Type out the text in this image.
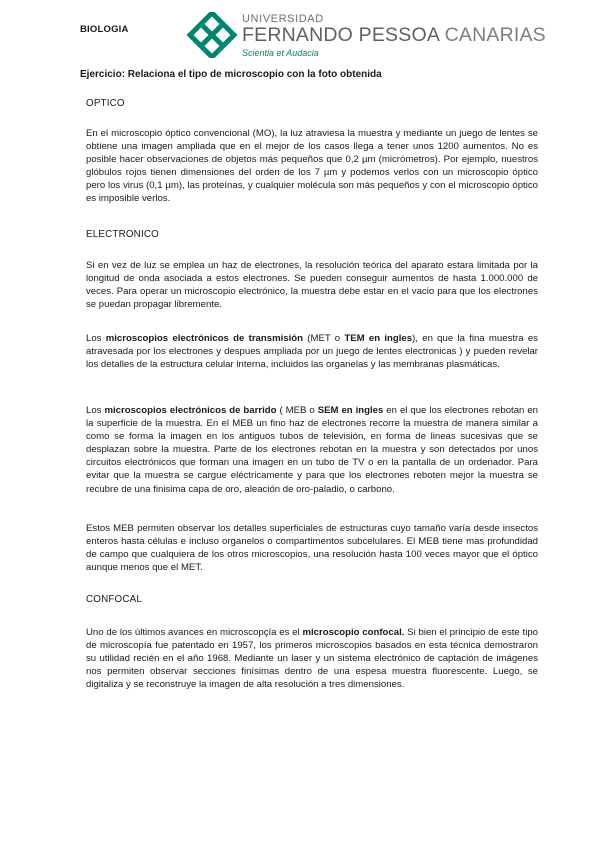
BIOLOGIA
UNIVERSIDAD
FERNANDO PESSOA CANARIAS
Scientia et Audacia
Ejercicio: Relaciona el tipo de microscopio con la foto obtenida
OPTICO

En el microscopio óptico convencional (MO), la luz atraviesa la muestra y mediante un juego de lentes se obtiene una imagen ampliada que en el mejor de los casos llega a tener unos 1200 aumentos. No es posible hacer observaciones de objetos más pequeños que 0,2 µm (micrómetros). Por ejemplo, nuestros glóbulos rojos tienen dimensiones del orden de los 7 µm y podemos verlos con un microscopio óptico pero los virus (0,1 µm), las proteínas, y cualquier molécula son más pequeños y con el microscopio óptico es imposible verlos.

ELECTRONICO

Si en vez de luz se emplea un haz de electrones, la resolución teórica del aparato estara limitada por la longitud de onda asociada a estos electrones. Se pueden conseguir aumentos de hasta 1.000.000 de veces. Para operar un microscopio electrónico, la muestra debe estar en el vacio para que los electrones se puedan propagar libremente.

Los microscopios electrónicos de transmisión (MET o TEM en ingles), en que la fina muestra es atravesada por los electrones y despues ampliada por un juego de lentes electronicas ) y pueden revelar los detalles de la estructura celular interna, incluidos las organelas y las membranas plasmáticas.

Los microscopios electrónicos de barrido ( MEB o SEM en ingles en el que los electrones rebotan en la superficie de la muestra. En el MEB un fino haz de electrones recorre la muestra de manera similar a como se forma la imagen en los antiguos tubos de televisión, en forma de lineas sucesivas que se desplazan sobre la muestra. Parte de los electrones rebotan en la muestra y son detectados por unos circuitos electrónicos que forman una imagen en un tubo de TV o en la pantalla de un ordenador. Para evitar que la muestra se cargue eléctricamente y para que los electrones reboten mejor la muestra se recubre de una finisima capa de oro, aleación de oro-paladio, o carbono.

Estos MEB permiten observar los detalles superficiales de estructuras cuyo tamaño varía desde insectos enteros hasta células e incluso organelos o compartimentos subcelulares. El MEB tiene mas profundidad de campo que cualquiera de los otros microscopios, una resolución hasta 100 veces mayor que el óptico aunque menos que el MET.

CONFOCAL

Uno de los últimos avances en microscopçía es el microscopio confocal. Si bien el principio de este tipo de microscopía fue patentado en 1957, los primeros microscopios basados en esta técnica demostraron su utilidad recién en el año 1968. Mediante un laser y un sistema electrónico de captación de imágenes nos permiten observar secciones finísimas dentro de una espesa muestra fluorescente. Luego, se digitaliza y se reconstruye la imagen de alta resolución a tres dimensiones.
